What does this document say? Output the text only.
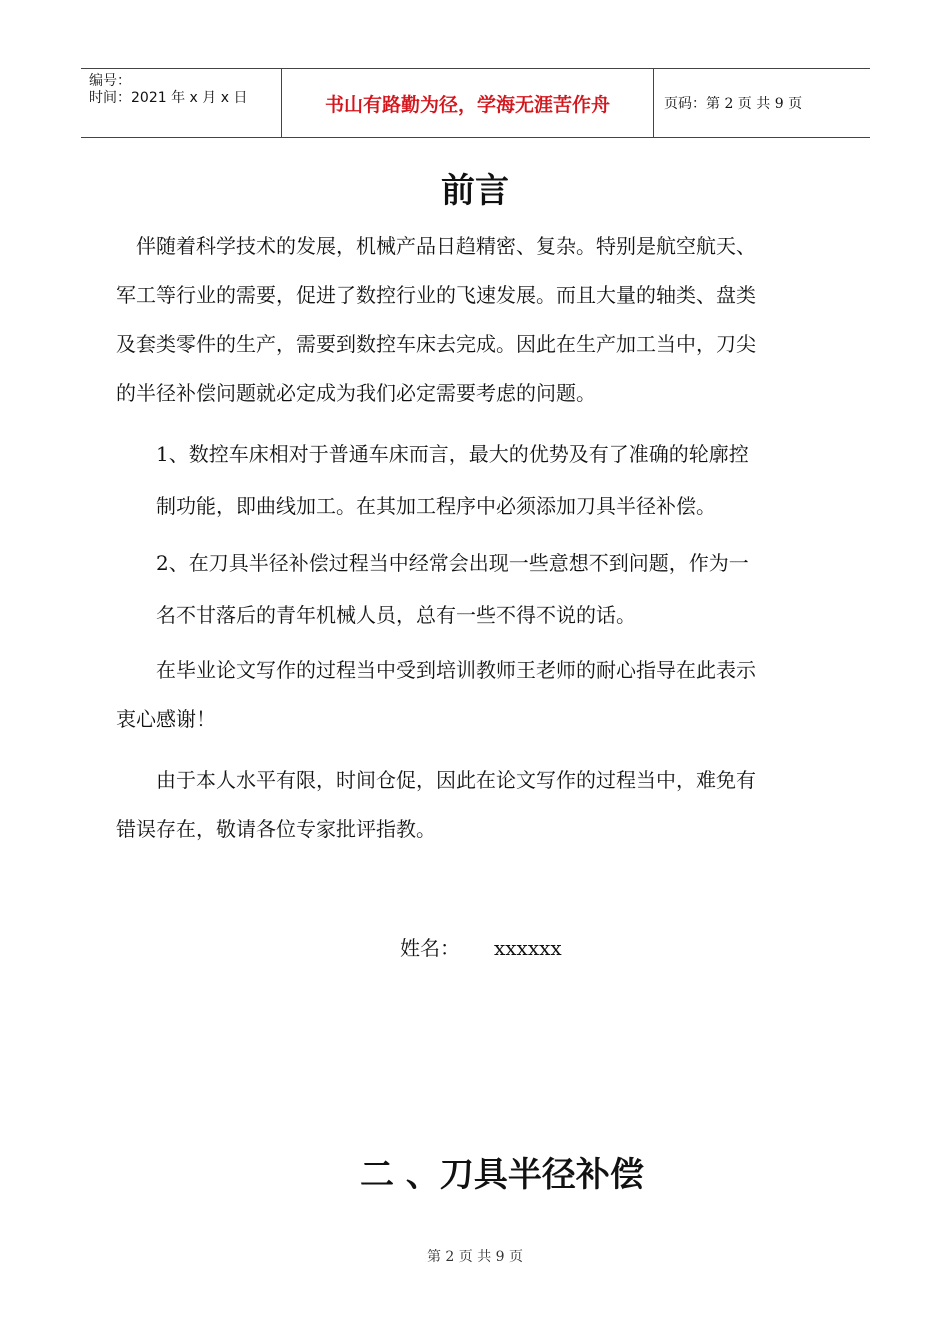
编号：
时间：2021 年 x 月 x 日	书山有路勤为径，学海无涯苦作舟	页码：第 2 页 共 9 页
前言

　伴随着科学技术的发展，机械产品日趋精密、复杂。特别是航空航天、
军工等行业的需要，促进了数控行业的飞速发展。而且大量的轴类、盘类
及套类零件的生产，需要到数控车床去完成。因此在生产加工当中，刀尖
的半径补偿问题就必定成为我们必定需要考虑的问题。

　　1、数控车床相对于普通车床而言，最大的优势及有了准确的轮廓控
　　制功能，即曲线加工。在其加工程序中必须添加刀具半径补偿。

　　2、在刀具半径补偿过程当中经常会出现一些意想不到问题，作为一
　　名不甘落后的青年机械人员，总有一些不得不说的话。

　　在毕业论文写作的过程当中受到培训教师王老师的耐心指导在此表示
衷心感谢！

　　由于本人水平有限，时间仓促，因此在论文写作的过程当中，难免有
错误存在，敬请各位专家批评指教。

姓名： xxxxxx
二 、刀具半径补偿
第 2 页 共 9 页
